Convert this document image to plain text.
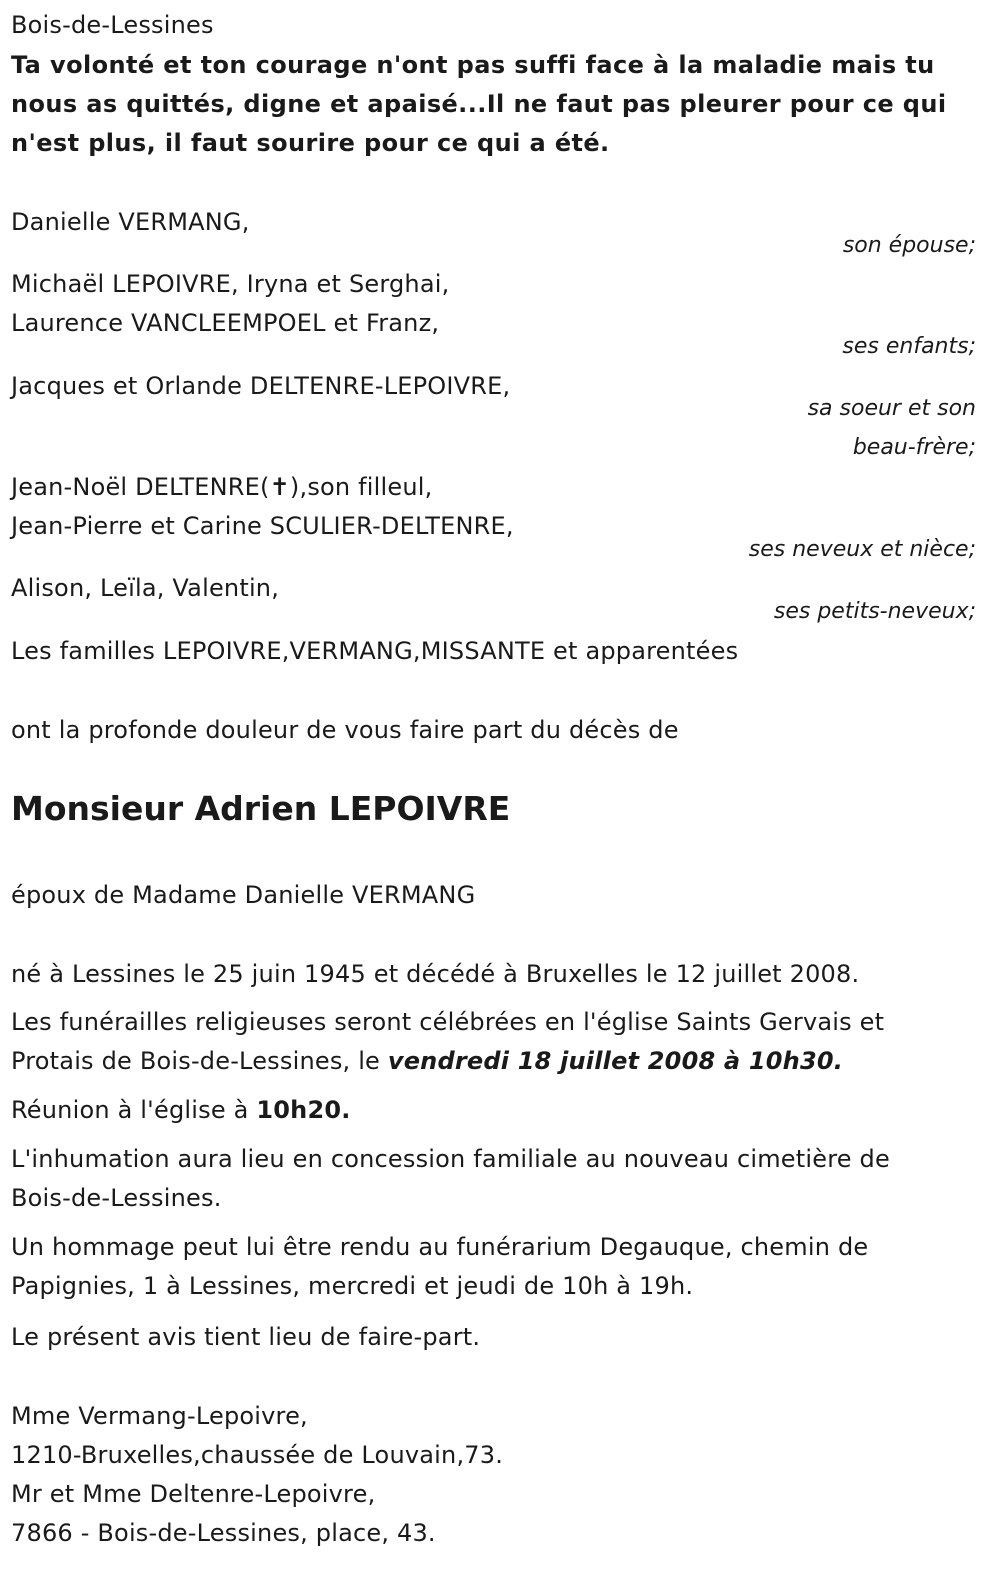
Bois-de-Lessines
Ta volonté et ton courage n'ont pas suffi face à la maladie mais tu
nous as quittés, digne et apaisé...Il ne faut pas pleurer pour ce qui
n'est plus, il faut sourire pour ce qui a été.
Danielle VERMANG,
son épouse;
Michaël LEPOIVRE, Iryna et Serghai,
Laurence VANCLEEMPOEL et Franz,
ses enfants;
Jacques et Orlande DELTENRE-LEPOIVRE,
sa soeur et son
beau-frère;
Jean-Noël DELTENRE(✝),son filleul,
Jean-Pierre et Carine SCULIER-DELTENRE,
ses neveux et nièce;
Alison, Leïla, Valentin,
ses petits-neveux;
Les familles LEPOIVRE,VERMANG,MISSANTE et apparentées
ont la profonde douleur de vous faire part du décès de
Monsieur Adrien LEPOIVRE
époux de Madame Danielle VERMANG
né à Lessines le 25 juin 1945 et décédé à Bruxelles le 12 juillet 2008.
Les funérailles religieuses seront célébrées en l'église Saints Gervais et
Protais de Bois-de-Lessines, le vendredi 18 juillet 2008 à 10h30.
Réunion à l'église à 10h20.
L'inhumation aura lieu en concession familiale au nouveau cimetière de
Bois-de-Lessines.
Un hommage peut lui être rendu au funérarium Degauque, chemin de
Papignies, 1 à Lessines, mercredi et jeudi de 10h à 19h.
Le présent avis tient lieu de faire-part.
Mme Vermang-Lepoivre,
1210-Bruxelles,chaussée de Louvain,73.
Mr et Mme Deltenre-Lepoivre,
7866 - Bois-de-Lessines, place, 43.
